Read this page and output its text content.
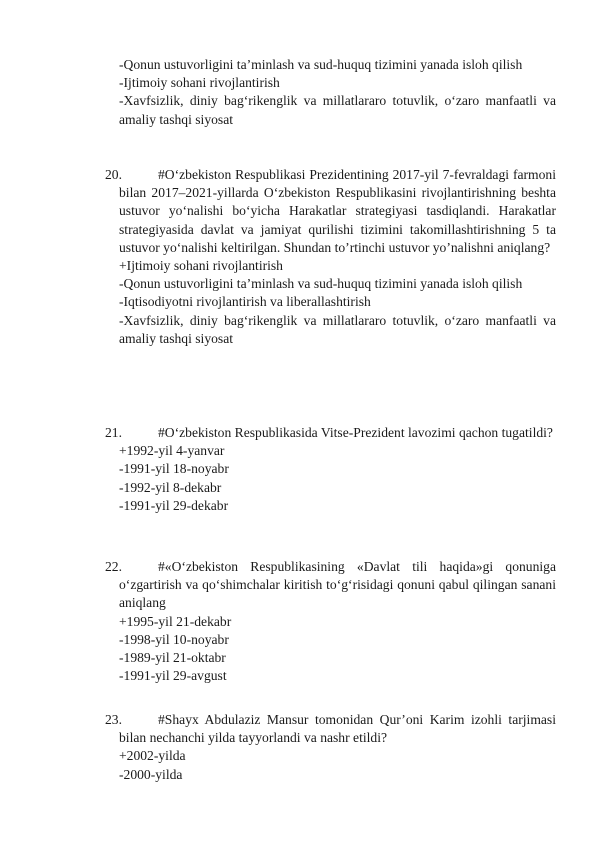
-Qonun ustuvorligini ta’minlash va sud-huquq tizimini yanada isloh qilish
-Ijtimoiy sohani rivojlantirish
-Xavfsizlik, diniy bag‘rikenglik va millatlararo totuvlik, o‘zaro manfaatli va amaliy tashqi siyosat
20.	#O‘zbekiston Respublikasi Prezidentining 2017-yil 7-fevraldagi farmoni bilan 2017–2021-yillarda O‘zbekiston Respublikasini rivojlantirishning beshta ustuvor yo‘nalishi bo‘yicha Harakatlar strategiyasi tasdiqlandi. Harakatlar strategiyasida davlat va jamiyat qurilishi tizimini takomillashtirishning 5 ta ustuvor yo‘nalishi keltirilgan. Shundan to’rtinchi ustuvor yo’nalishni aniqlang?
+Ijtimoiy sohani rivojlantirish
-Qonun ustuvorligini ta’minlash va sud-huquq tizimini yanada isloh qilish
-Iqtisodiyotni rivojlantirish va liberallashtirish
-Xavfsizlik, diniy bag‘rikenglik va millatlararo totuvlik, o‘zaro manfaatli va amaliy tashqi siyosat
21.	#O‘zbekiston Respublikasida Vitse-Prezident lavozimi qachon tugatildi?
+1992-yil 4-yanvar
-1991-yil 18-noyabr
-1992-yil 8-dekabr
-1991-yil 29-dekabr
22.	#«O‘zbekiston Respublikasining «Davlat tili haqida»gi qonuniga o‘zgartirish va qo‘shimchalar kiritish to‘g‘risidagi qonuni qabul qilingan sanani aniqlang
+1995-yil 21-dekabr
-1998-yil 10-noyabr
-1989-yil 21-oktabr
-1991-yil 29-avgust
23.	#Shayx Abdulaziz Mansur tomonidan Qur’oni Karim izohli tarjimasi bilan nechanchi yilda tayyorlandi va nashr etildi?
+2002-yilda
-2000-yilda
